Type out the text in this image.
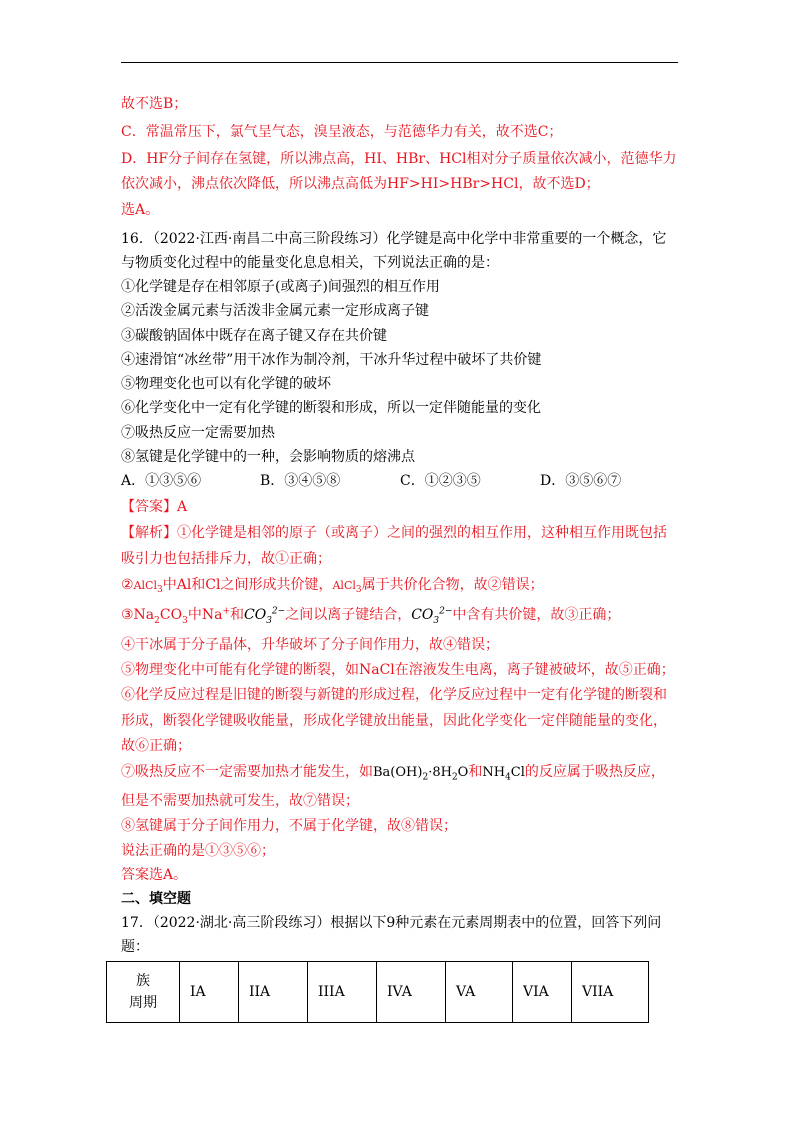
故不选B；
C．常温常压下，氯气呈气态，溴呈液态，与范德华力有关，故不选C；
D．HF分子间存在氢键，所以沸点高，HI、HBr、HCl相对分子质量依次减小，范德华力
依次减小，沸点依次降低，所以沸点高低为HF>HI>HBr>HCl，故不选D；
选A。
16．（2022·江西·南昌二中高三阶段练习）化学键是高中化学中非常重要的一个概念，它
与物质变化过程中的能量变化息息相关，下列说法正确的是：
①化学键是存在相邻原子(或离子)间强烈的相互作用
②活泼金属元素与活泼非金属元素一定形成离子键
③碳酸钠固体中既存在离子键又存在共价键
④速滑馆“冰丝带”用干冰作为制冷剂，干冰升华过程中破坏了共价键
⑤物理变化也可以有化学键的破坏
⑥化学变化中一定有化学键的断裂和形成，所以一定伴随能量的变化
⑦吸热反应一定需要加热
⑧氢键是化学键中的一种，会影响物质的熔沸点
A．①③⑤⑥	B．③④⑤⑧	C．①②③⑤	D．③⑤⑥⑦
【答案】A
【解析】①化学键是相邻的原子（或离子）之间的强烈的相互作用，这种相互作用既包括
吸引力也包括排斥力，故①正确；
②AlCl$_3$中Al和Cl之间形成共价键，AlCl$_3$属于共价化合物，故②错误；
$③Na_2CO_3$中Na+和$CO_3^{2-}$之间以离子键结合，$CO_3^{2-}$中含有共价键，故③正确；
④干冰属于分子晶体，升华破坏了分子间作用力，故④错误；
⑤物理变化中可能有化学键的断裂，如NaCl在溶液发生电离，离子键被破坏，故⑤正确；
⑥化学反应过程是旧键的断裂与新键的形成过程，化学反应过程中一定有化学键的断裂和
形成，断裂化学键吸收能量，形成化学键放出能量，因此化学变化一定伴随能量的变化，
故⑥正确；
⑦吸热反应不一定需要加热才能发生，如$Ba(OH)_2\cdot 8H_2O$和$NH_4Cl$的反应属于吸热反应，
但是不需要加热就可发生，故⑦错误；
⑧氢键属于分子间作用力，不属于化学键，故⑧错误；
说法正确的是①③⑤⑥；
答案选A。
二、填空题
17．（2022·湖北·高三阶段练习）根据以下9种元素在元素周期表中的位置，回答下列问
题：
族
周期
	IA	IIA	IIIA	IVA	VA	VIA	VIIA
